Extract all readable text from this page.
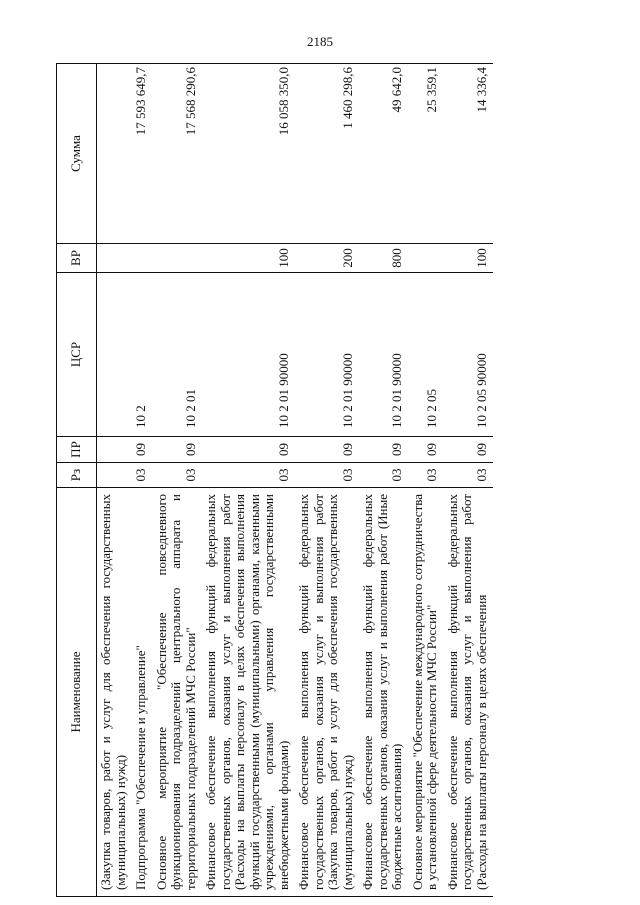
2185

Наименование	Рз	ПР	ЦСР	ВР	Сумма
(Закупка товаров, работ и услуг для обеспечения государственных (муниципальных) нужд)					
Подпрограмма "Обеспечение и управление"	03	09	10 2		17 593 649,7
Основное мероприятие "Обеспечение повседневного функционирования подразделений центрального аппарата и территориальных подразделений МЧС России"	03	09	10 2 01		17 568 290,6
Финансовое обеспечение выполнения функций федеральных государственных органов, оказания услуг и выполнения работ (Расходы на выплаты персоналу в целях обеспечения выполнения функций государственными (муниципальными) органами, казенными учреждениями, органами управления государственными внебюджетными фондами)	03	09	10 2 01 90000	100	16 058 350,0
Финансовое обеспечение выполнения функций федеральных государственных органов, оказания услуг и выполнения работ (Закупка товаров, работ и услуг для обеспечения государственных (муниципальных) нужд)	03	09	10 2 01 90000	200	1 460 298,6
Финансовое обеспечение выполнения функций федеральных государственных органов, оказания услуг и выполнения работ (Иные бюджетные ассигнования)	03	09	10 2 01 90000	800	49 642,0
Основное мероприятие "Обеспечение международного сотрудничества в установленной сфере деятельности МЧС России"	03	09	10 2 05		25 359,1
Финансовое обеспечение выполнения функций федеральных государственных органов, оказания услуг и выполнения работ (Расходы на выплаты персоналу в целях обеспечения	03	09	10 2 05 90000	100	14 336,4
